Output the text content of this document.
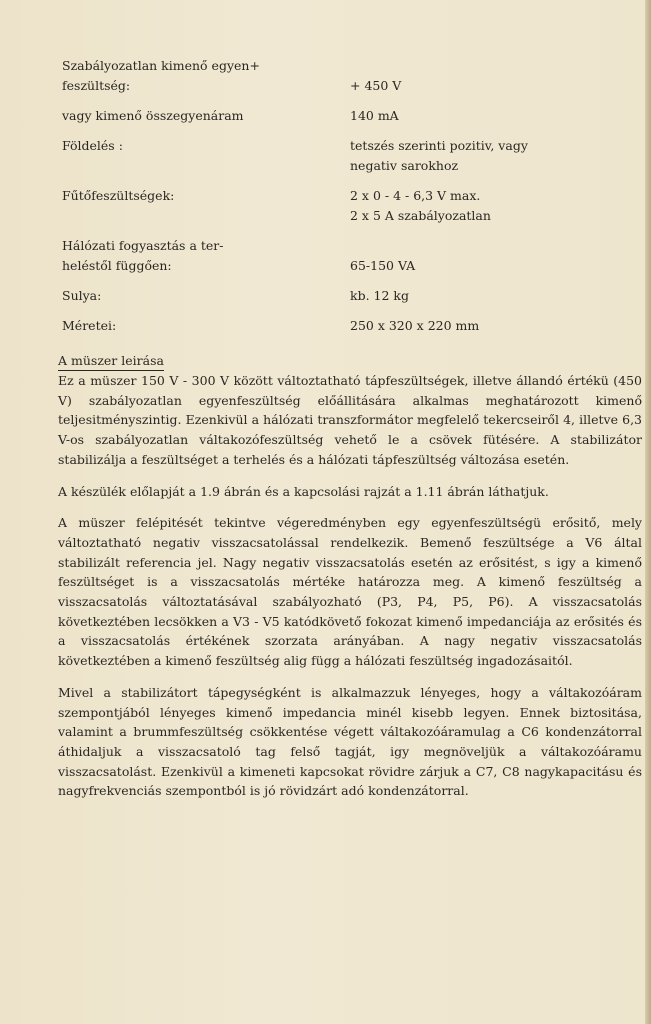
Szabályozatlan kimenő egyen+
feszültség:	+ 450 V
vagy kimenő összegyenáram	140 mA
Földelés :	tetszés szerinti pozitiv, vagy
negativ sarokhoz
Fűtőfeszültségek:	2 x 0 - 4 - 6,3 V max.
2 x 5 A szabályozatlan
Hálózati fogyasztás a ter-
heléstől függően:	65-150 VA
Sulya:	kb. 12 kg
Méretei:	250 x 320 x 220 mm
A müszer leirása

Ez a müszer 150 V - 300 V között változtatható tápfeszültségek, illetve állandó értékü (450 V) szabályozatlan egyenfeszültség előállitására alkalmas meghatározott kimenő teljesitményszintig. Ezenkivül a hálózati transzformátor megfelelő tekercseiről 4, illetve 6,3 V-os szabályozatlan váltakozófeszültség vehető le a csövek fütésére. A stabilizátor stabilizálja a feszültséget a terhelés és a hálózati tápfeszültség változása esetén.

A készülék előlapját a 1.9 ábrán és a kapcsolási rajzát a 1.11 ábrán láthatjuk.

A müszer felépitését tekintve végeredményben egy egyenfeszültségü erősitő, mely változtatható negativ visszacsatolással rendelkezik. Bemenő feszültsége a V6 által stabilizált referencia jel. Nagy negativ visszacsatolás esetén az erősitést, s igy a kimenő feszültséget is a visszacsatolás mértéke határozza meg. A kimenő feszültség a visszacsatolás változtatásával szabályozható (P3, P4, P5, P6). A visszacsatolás következtében lecsökken a V3 - V5 katódkövető fokozat kimenő impedanciája az erősités és a visszacsatolás értékének szorzata arányában. A nagy negativ visszacsatolás következtében a kimenő feszültség alig függ a hálózati feszültség ingadozásaitól.

Mivel a stabilizátort tápegységként is alkalmazzuk lényeges, hogy a váltakozóáram szempontjából lényeges kimenő impedancia minél kisebb legyen. Ennek biztositása, valamint a brummfeszültség csökkentése végett váltakozóáramulag a C6 kondenzátorral áthidaljuk a visszacsatoló tag felső tagját, igy megnöveljük a váltakozóáramu visszacsatolást. Ezenkivül a kimeneti kapcsokat rövidre zárjuk a C7, C8 nagykapacitásu és nagyfrekvenciás szempontból is jó rövidzárt adó kondenzátorral.
